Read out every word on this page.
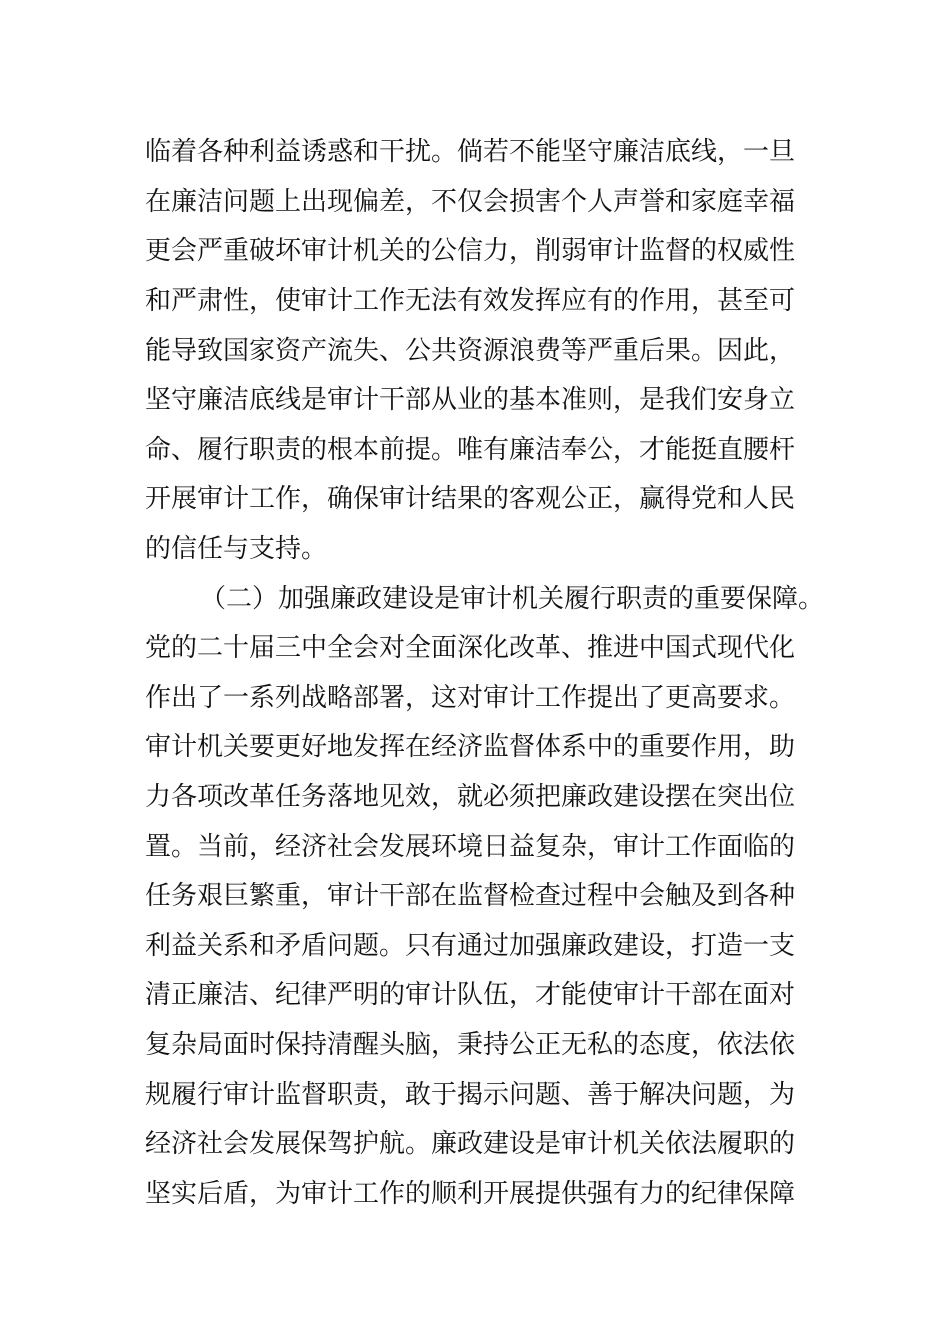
临着各种利益诱惑和干扰。倘若不能坚守廉洁底线，一旦
在廉洁问题上出现偏差，不仅会损害个人声誉和家庭幸福
更会严重破坏审计机关的公信力，削弱审计监督的权威性
和严肃性，使审计工作无法有效发挥应有的作用，甚至可
能导致国家资产流失、公共资源浪费等严重后果。因此，
坚守廉洁底线是审计干部从业的基本准则，是我们安身立
命、履行职责的根本前提。唯有廉洁奉公，才能挺直腰杆
开展审计工作，确保审计结果的客观公正，赢得党和人民
的信任与支持。
（二）加强廉政建设是审计机关履行职责的重要保障。
党的二十届三中全会对全面深化改革、推进中国式现代化
作出了一系列战略部署，这对审计工作提出了更高要求。
审计机关要更好地发挥在经济监督体系中的重要作用，助
力各项改革任务落地见效，就必须把廉政建设摆在突出位
置。当前，经济社会发展环境日益复杂，审计工作面临的
任务艰巨繁重，审计干部在监督检查过程中会触及到各种
利益关系和矛盾问题。只有通过加强廉政建设，打造一支
清正廉洁、纪律严明的审计队伍，才能使审计干部在面对
复杂局面时保持清醒头脑，秉持公正无私的态度，依法依
规履行审计监督职责，敢于揭示问题、善于解决问题，为
经济社会发展保驾护航。廉政建设是审计机关依法履职的
坚实后盾，为审计工作的顺利开展提供强有力的纪律保障
